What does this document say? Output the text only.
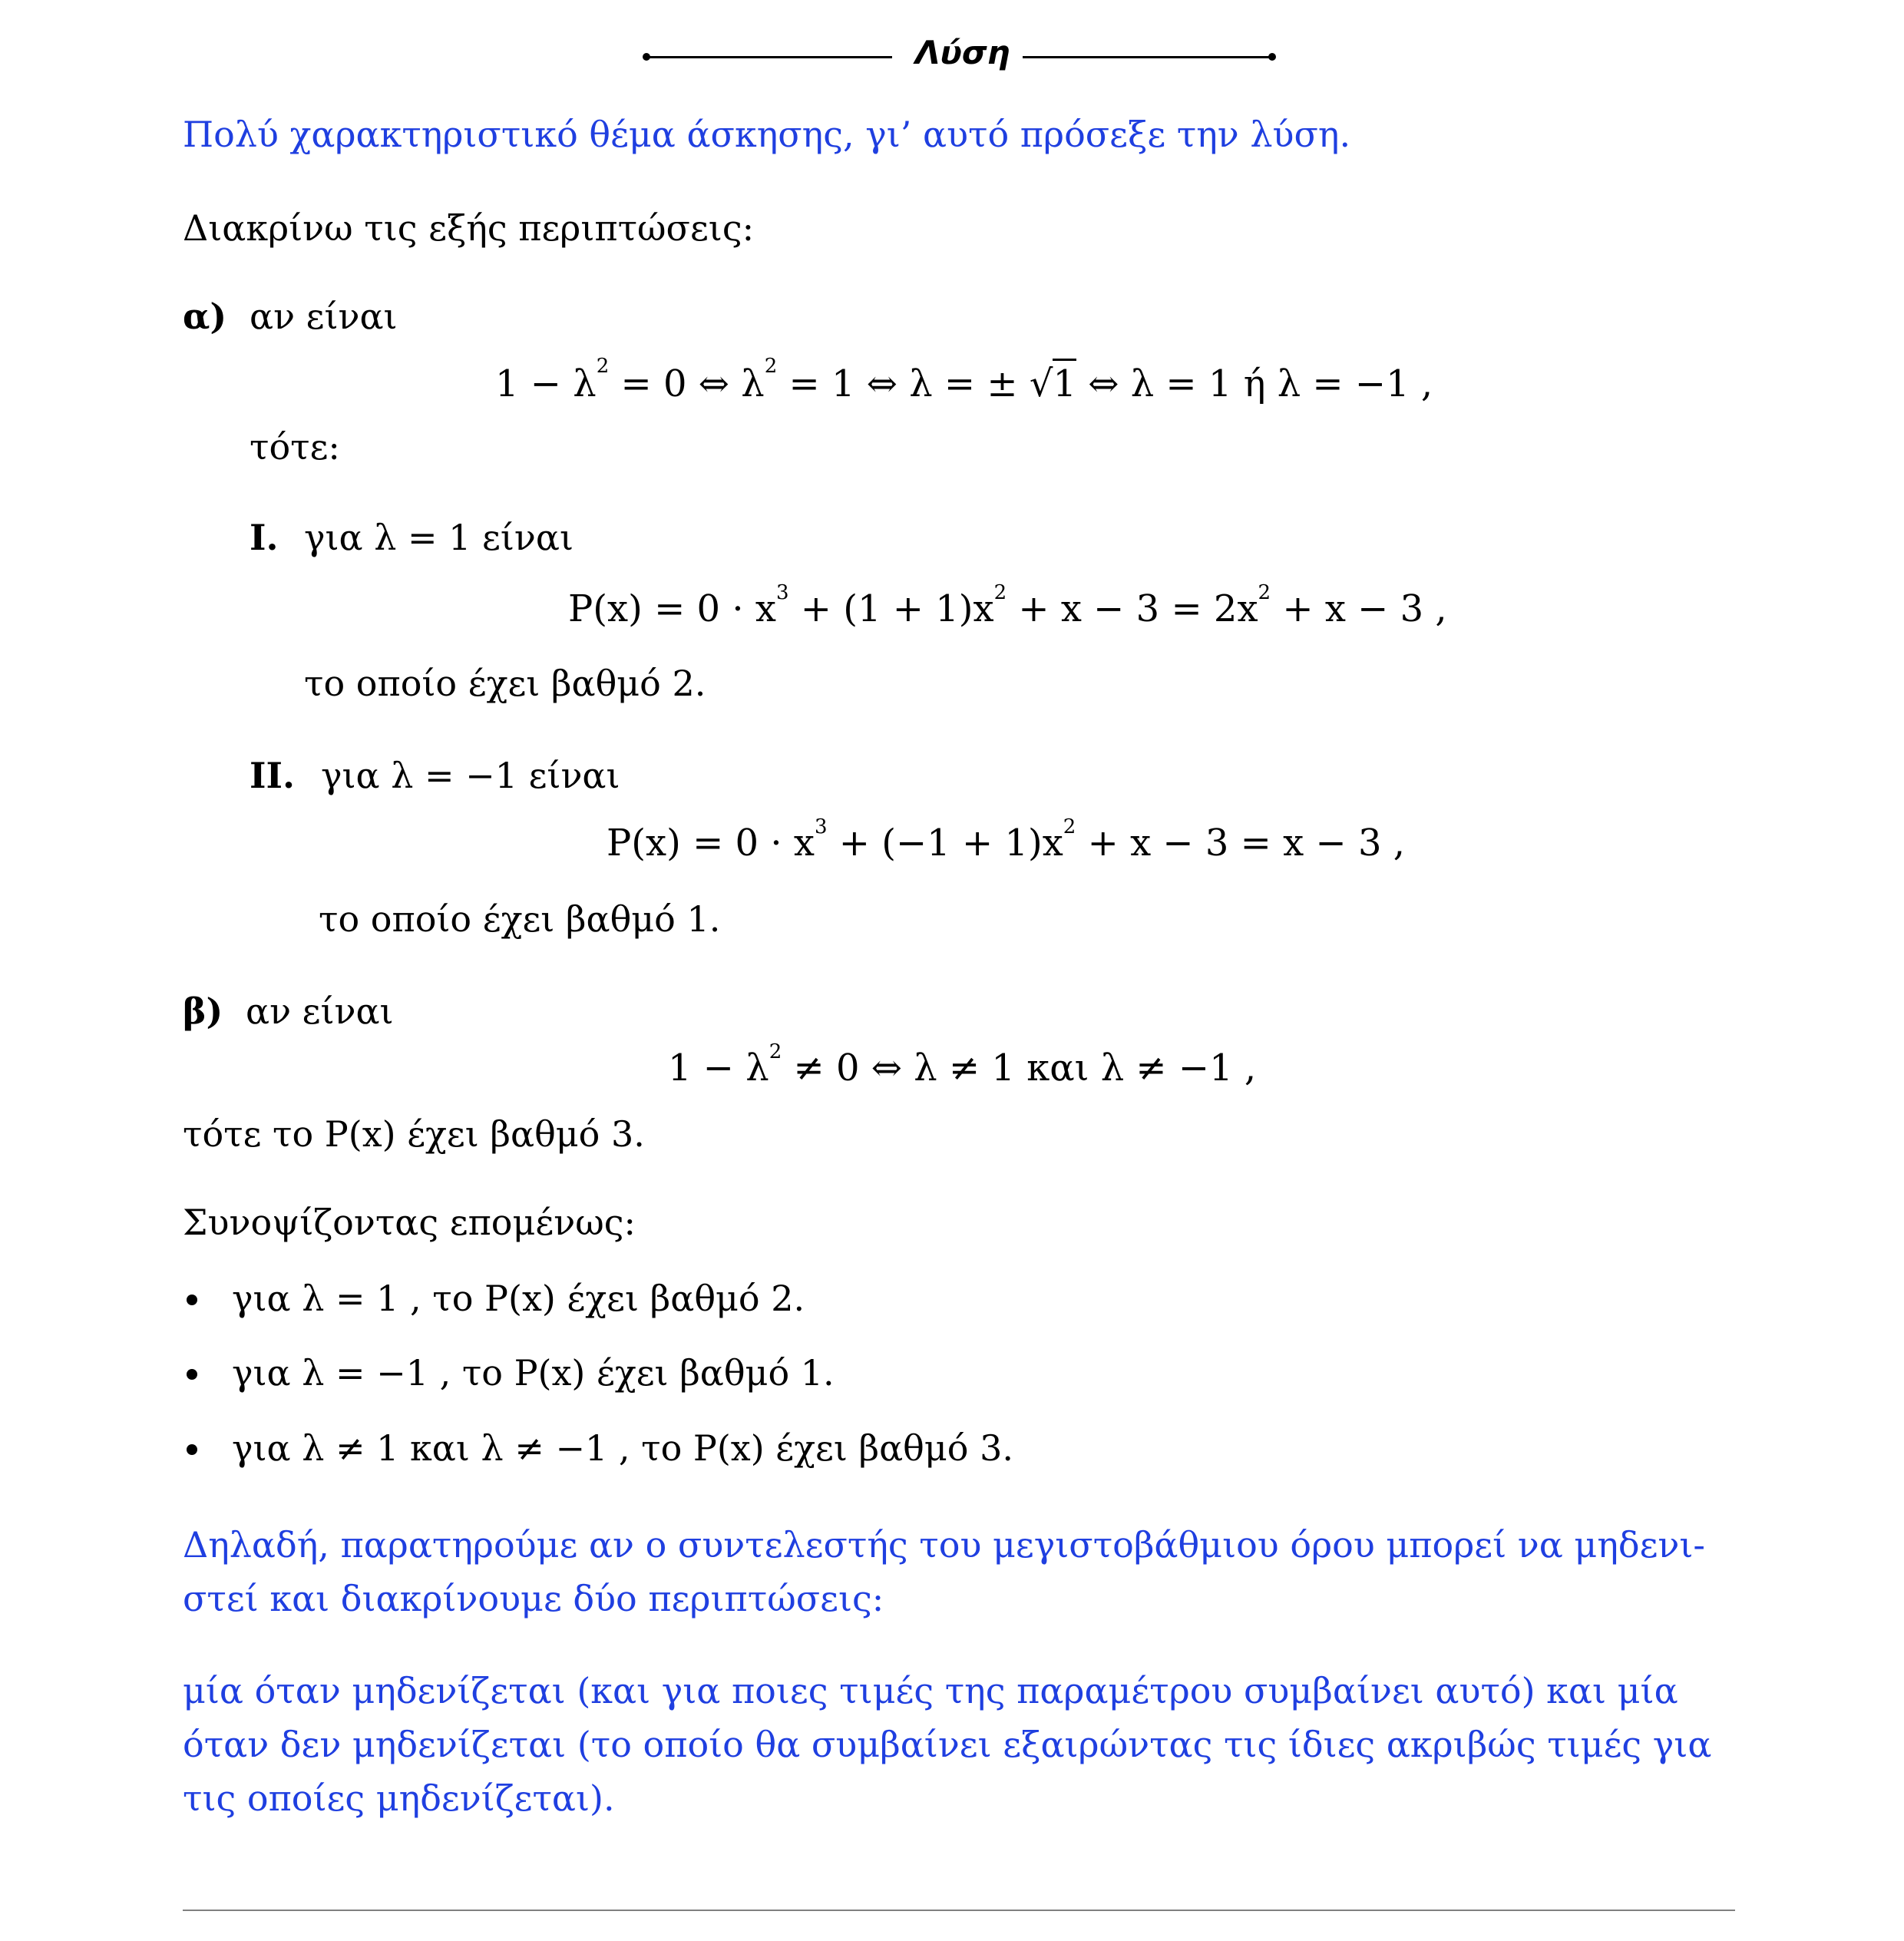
Λύση
Πολύ χαρακτηριστικό θέμα άσκησης, γι’ αυτό πρόσεξε την λύση.
Διακρίνω τις εξής περιπτώσεις:
α) αν είναι
$1 - \lambda^2 = 0$ ⇔ $\lambda^2 = 1$ ⇔ λ = ± √1 ⇔ λ = 1 ή λ = −1 ,
τότε:
I. για λ = 1 είναι
$P(x) = 0 \cdot x^3 + (1 + 1)x^2 + x - 3 = 2x^2 + x - 3$ ,
το οποίο έχει βαθμό 2.
II. για λ = −1 είναι
$P(x) = 0 \cdot x^3 + (-1 + 1)x^2 + x - 3 = x - 3$ ,
το οποίο έχει βαθμό 1.
β) αν είναι
$1 - \lambda^2 \ne 0$ ⇔ λ ≠ 1 και λ ≠ −1 ,
τότε το P(x) έχει βαθμό 3.
Συνοψίζοντας επομένως:
για λ = 1 , το P(x) έχει βαθμό 2.
για λ = −1 , το P(x) έχει βαθμό 1.
για λ ≠ 1 και λ ≠ −1 , το P(x) έχει βαθμό 3.
Δηλαδή, παρατηρούμε αν ο συντελεστής του μεγιστοβάθμιου όρου μπορεί να μηδενι-
στεί και διακρίνουμε δύο περιπτώσεις:
μία όταν μηδενίζεται (και για ποιες τιμές της παραμέτρου συμβαίνει αυτό) και μία
όταν δεν μηδενίζεται (το οποίο θα συμβαίνει εξαιρώντας τις ίδιες ακριβώς τιμές για
τις οποίες μηδενίζεται).
